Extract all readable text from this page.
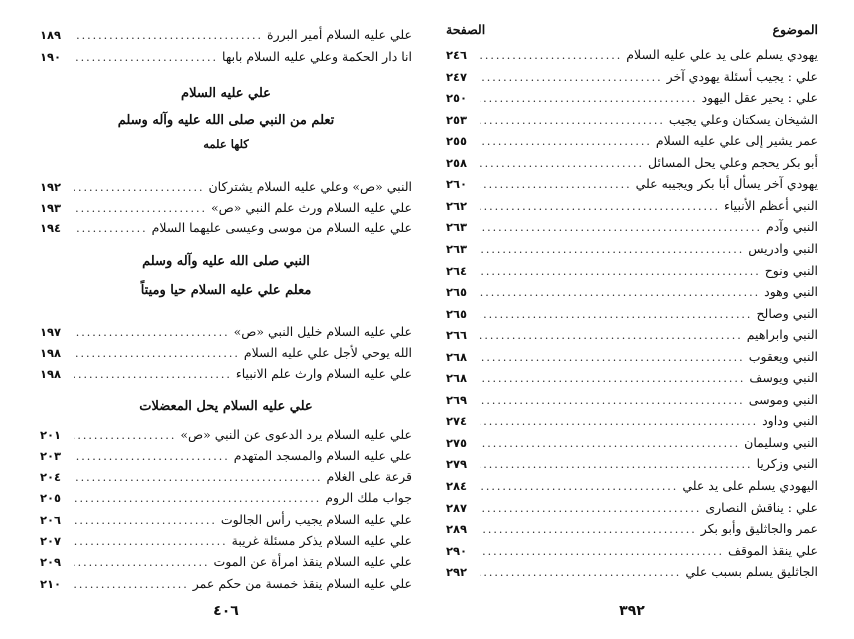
علي عليه السلام أمير البررة
.....
١٨٩
انا دار الحكمة وعلي عليه السلام بابها
.....
١٩٠
علي عليه السلام
تعلم من النبي صلى الله عليه وآله وسلم
كلها علمه
النبي «ص» وعلي عليه السلام يشتركان
.....
١٩٢
علي عليه السلام ورث علم النبي «ص»
.....
١٩٣
علي عليه السلام من موسى وعيسى عليهما السلام
.....
١٩٤
النبي صلى الله عليه وآله وسلم
معلم علي عليه السلام حيا وميتاً
علي عليه السلام خليل النبي «ص»
.....
١٩٧
الله يوحي لأجل علي عليه السلام
.....
١٩٨
علي عليه السلام وارث علم الانبياء
.....
١٩٨
علي عليه السلام يحل المعضلات
علي عليه السلام يرد الدعوى عن النبي «ص»
.....
٢٠١
علي عليه السلام والمسجد المتهدم
.....
٢٠٣
قرعة على الغلام
.....
٢٠٤
جواب ملك الروم
.....
٢٠٥
علي عليه السلام يجيب رأس الجالوت
.....
٢٠٦
علي عليه السلام يذكر مسئلة غريبة
.....
٢٠٧
علي عليه السلام ينقذ امرأة عن الموت
.....
٢٠٩
علي عليه السلام ينقذ خمسة من حكم عمر
.....
٢١٠
٤٠٦
الموضوع
الصفحة
يهودي يسلم على يد علي عليه السلام
.....
٢٤٦
علي : يجيب أسئلة يهودي آخر
.....
٢٤٧
علي : يحير عقل اليهود
.....
٢٥٠
الشيخان يسكتان وعلي يجيب
.....
٢٥٣
عمر يشير إلى علي عليه السلام
.....
٢٥٥
أبو بكر يحجم وعلي يحل المسائل
.....
٢٥٨
يهودي آخر يسأل أبا بكر ويجيبه علي
.....
٢٦٠
النبي أعظم الأنبياء
.....
٢٦٢
النبي وآدم
.....
٢٦٣
النبي وادريس
.....
٢٦٣
النبي ونوح
.....
٢٦٤
النبي وهود
.....
٢٦٥
النبي وصالح
.....
٢٦٥
النبي وابراهيم
.....
٢٦٦
النبي ويعقوب
.....
٢٦٨
النبي ويوسف
.....
٢٦٨
النبي وموسى
.....
٢٦٩
النبي وداود
.....
٢٧٤
النبي وسليمان
.....
٢٧٥
النبي وزكريا
.....
٢٧٩
اليهودي يسلم على يد علي
.....
٢٨٤
علي : يناقش النصارى
.....
٢٨٧
عمر والجاثليق وأبو بكر
.....
٢٨٩
علي ينقذ الموقف
.....
٢٩٠
الجاثليق يسلم بسبب علي
.....
٢٩٢
٣٩٢
